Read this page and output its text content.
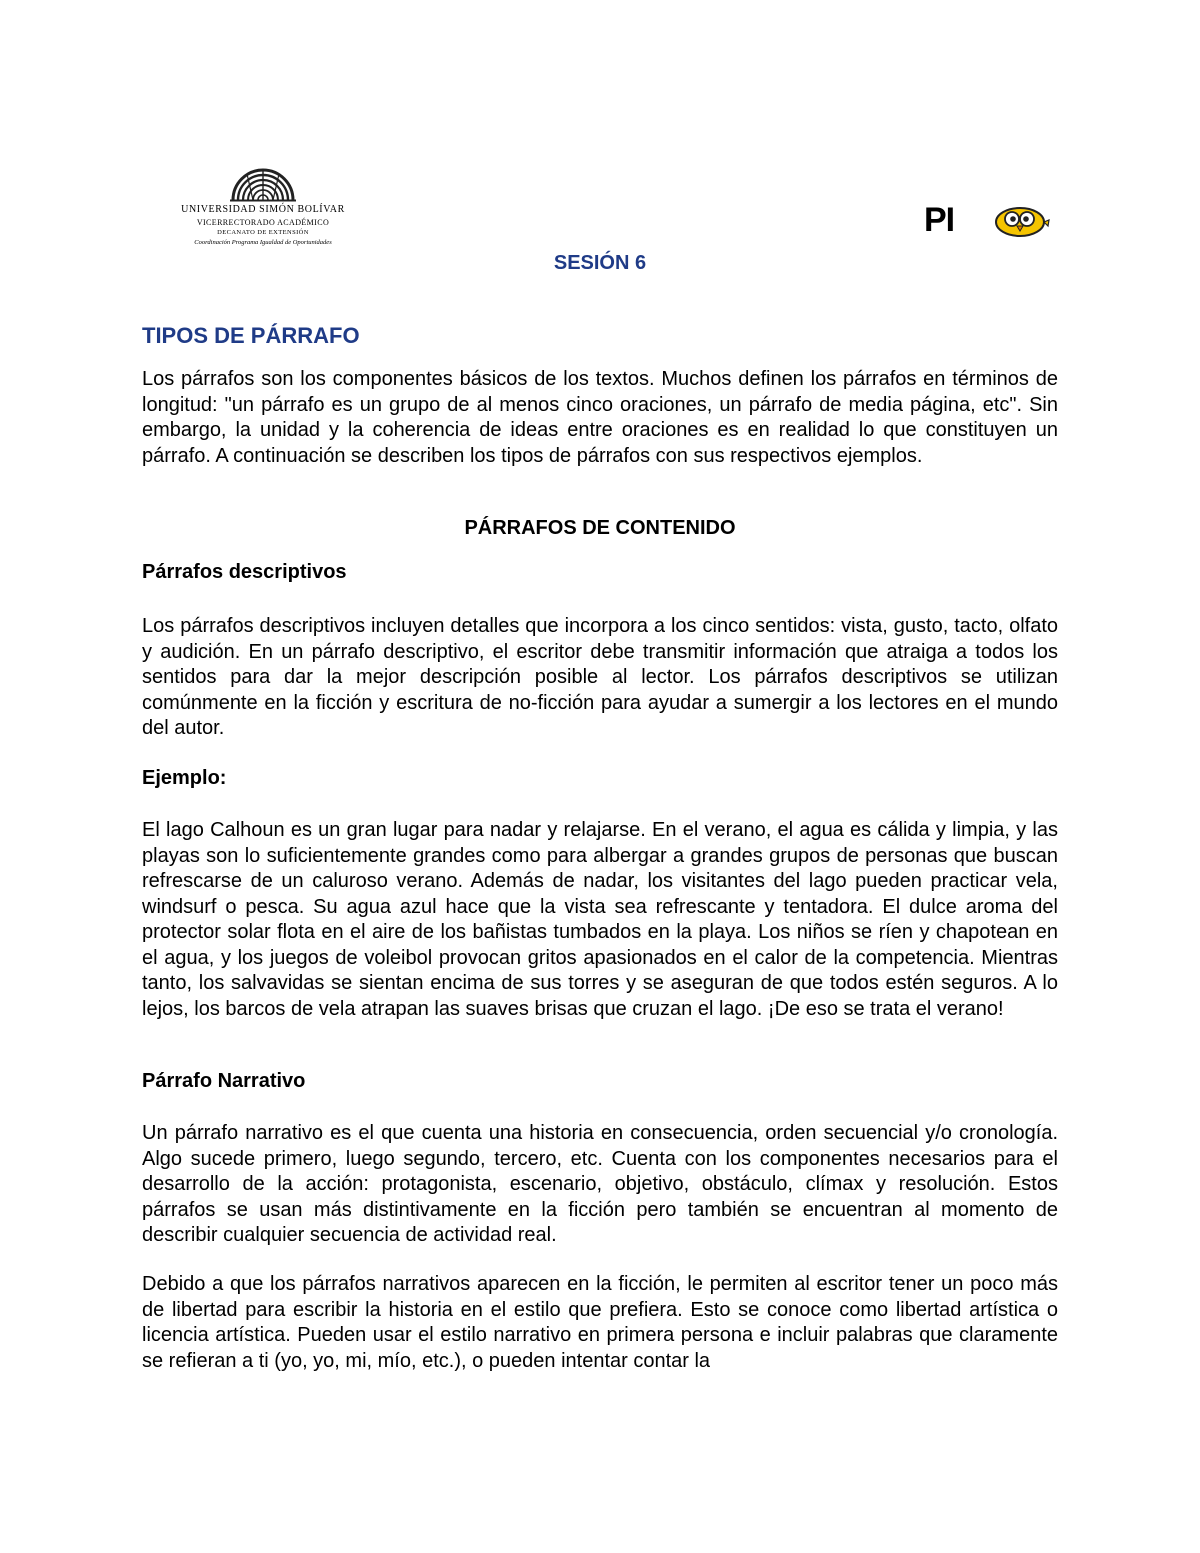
UNIVERSIDAD SIMÓN BOLÍVAR
VICERRECTORADO ACADÉMICO
DECANATO DE EXTENSIÓN
Coordinación Programa Igualdad de Oportunidades
PI
SESIÓN 6
TIPOS DE PÁRRAFO

Los párrafos son los componentes básicos de los textos. Muchos definen los párrafos en términos de longitud: "un párrafo es un grupo de al menos cinco oraciones, un párrafo de media página, etc". Sin embargo, la unidad y la coherencia de ideas entre oraciones es en realidad lo que constituyen un párrafo. A continuación se describen los tipos de párrafos con sus respectivos ejemplos.

PÁRRAFOS DE CONTENIDO
Párrafos descriptivos

Los párrafos descriptivos incluyen detalles que incorpora a los cinco sentidos: vista, gusto, tacto, olfato y audición. En un párrafo descriptivo, el escritor debe transmitir información que atraiga a todos los sentidos para dar la mejor descripción posible al lector. Los párrafos descriptivos se utilizan comúnmente en la ficción y escritura de no-ficción para ayudar a sumergir a los lectores en el mundo del autor.

Ejemplo:

El lago Calhoun es un gran lugar para nadar y relajarse. En el verano, el agua es cálida y limpia, y las playas son lo suficientemente grandes como para albergar a grandes grupos de personas que buscan refrescarse de un caluroso verano. Además de nadar, los visitantes del lago pueden practicar vela, windsurf o pesca. Su agua azul hace que la vista sea refrescante y tentadora. El dulce aroma del protector solar flota en el aire de los bañistas tumbados en la playa. Los niños se ríen y chapotean en el agua, y los juegos de voleibol provocan gritos apasionados en el calor de la competencia. Mientras tanto, los salvavidas se sientan encima de sus torres y se aseguran de que todos estén seguros. A lo lejos, los barcos de vela atrapan las suaves brisas que cruzan el lago. ¡De eso se trata el verano!

Párrafo Narrativo

Un párrafo narrativo es el que cuenta una historia en consecuencia, orden secuencial y/o cronología. Algo sucede primero, luego segundo, tercero, etc. Cuenta con los componentes necesarios para el desarrollo de la acción: protagonista, escenario, objetivo, obstáculo, clímax y resolución. Estos párrafos se usan más distintivamente en la ficción pero también se encuentran al momento de describir cualquier secuencia de actividad real.

Debido a que los párrafos narrativos aparecen en la ficción, le permiten al escritor tener un poco más de libertad para escribir la historia en el estilo que prefiera. Esto se conoce como libertad artística o licencia artística. Pueden usar el estilo narrativo en primera persona e incluir palabras que claramente se refieran a ti (yo, yo, mi, mío, etc.), o pueden intentar contar la
